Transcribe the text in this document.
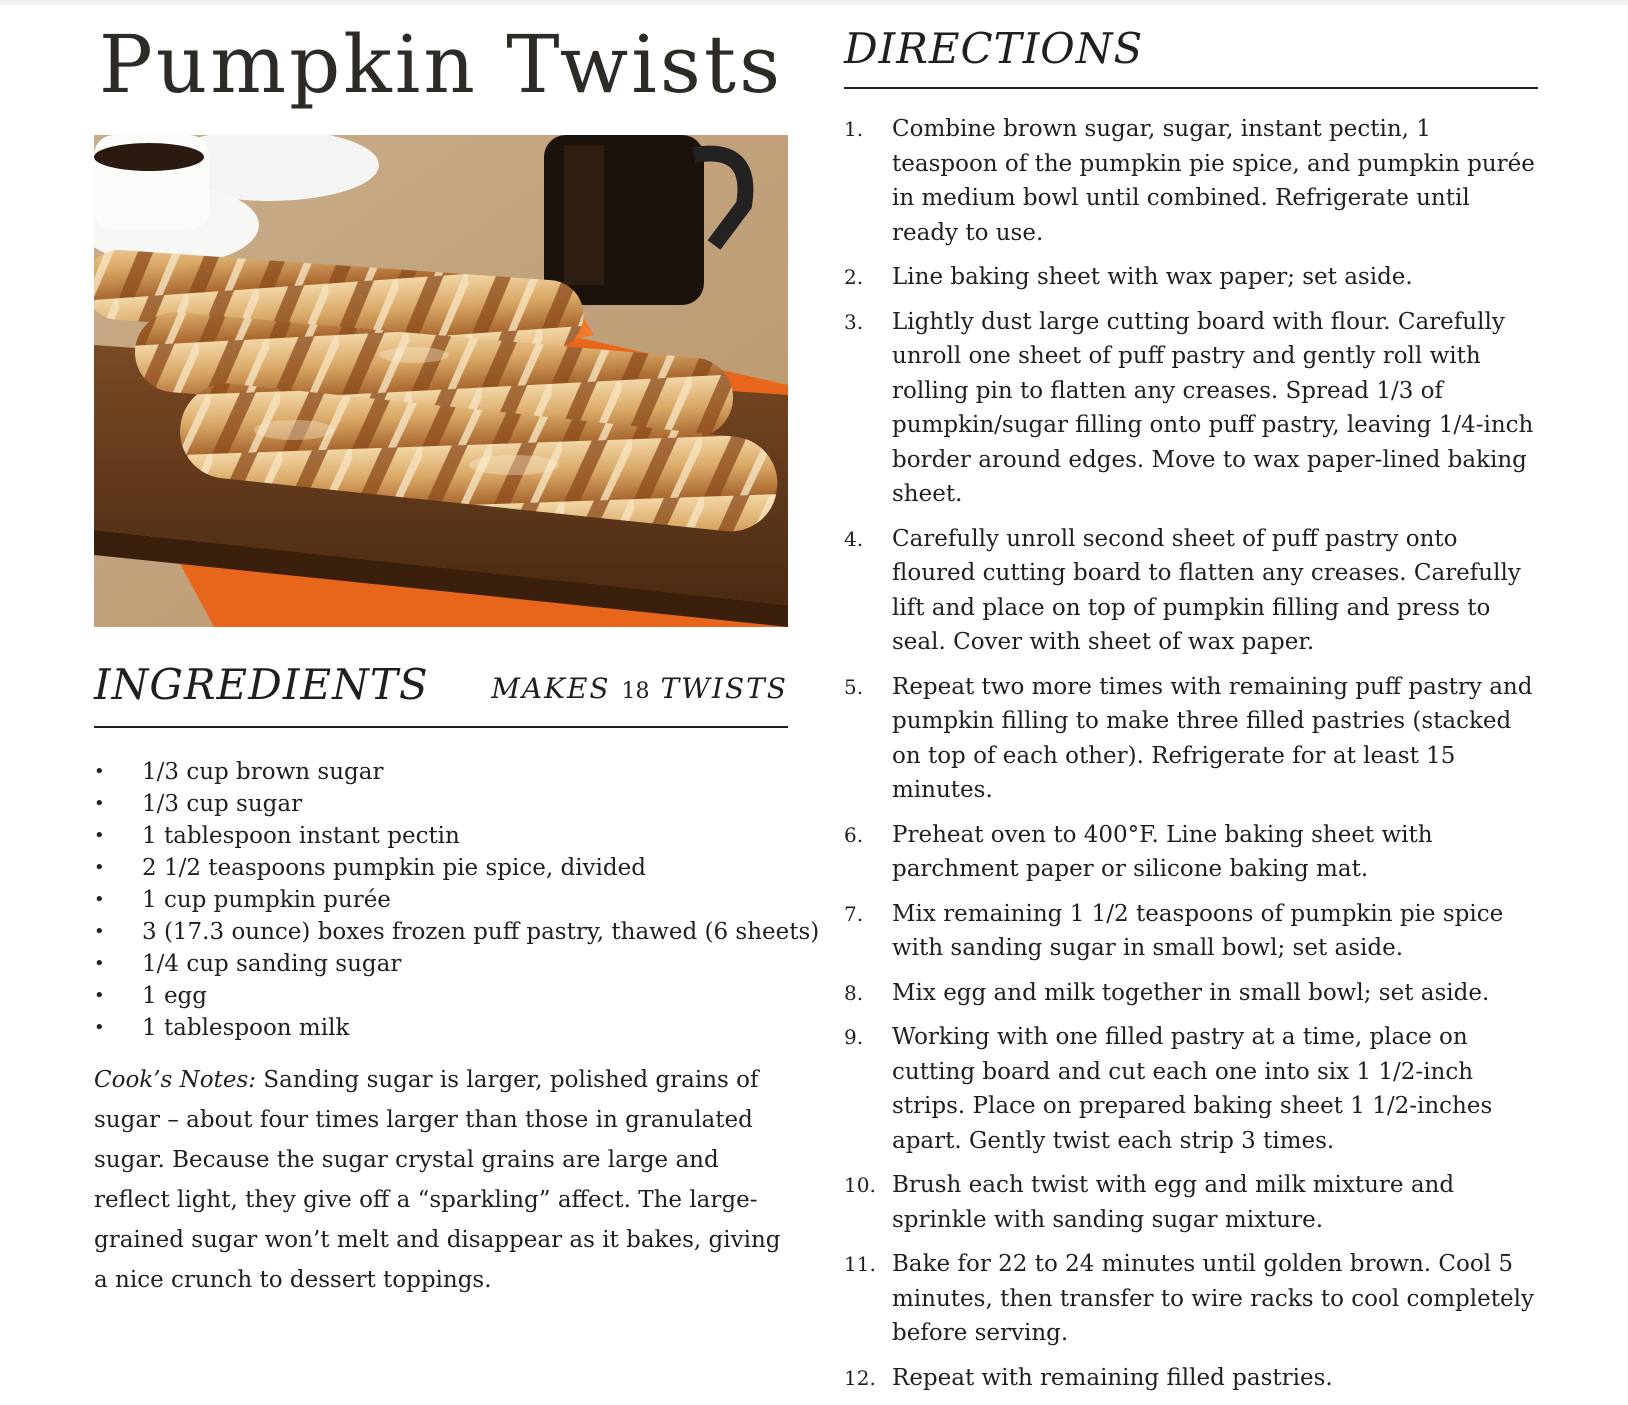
Pumpkin Twists
INGREDIENTS MAKES 18 TWISTS
• 1/3 cup brown sugar
• 1/3 cup sugar
• 1 tablespoon instant pectin
• 2 1/2 teaspoons pumpkin pie spice, divided
• 1 cup pumpkin purée
• 3 (17.3 ounce) boxes frozen puff pastry, thawed (6 sheets)
• 1/4 cup sanding sugar
• 1 egg
• 1 tablespoon milk
Cook’s Notes: Sanding sugar is larger, polished grains of sugar – about four times larger than those in granulated sugar. Because the sugar crystal grains are large and reflect light, they give off a “sparkling” affect. The large-grained sugar won’t melt and disappear as it bakes, giving a nice crunch to dessert toppings.
DIRECTIONS
1. Combine brown sugar, sugar, instant pectin, 1 teaspoon of the pumpkin pie spice, and pumpkin purée in medium bowl until combined. Refrigerate until ready to use.
2. Line baking sheet with wax paper; set aside.
3. Lightly dust large cutting board with flour. Carefully unroll one sheet of puff pastry and gently roll with rolling pin to flatten any creases. Spread 1/3 of pumpkin/sugar filling onto puff pastry, leaving 1/4-inch border around edges. Move to wax paper-lined baking sheet.
4. Carefully unroll second sheet of puff pastry onto floured cutting board to flatten any creases. Carefully lift and place on top of pumpkin filling and press to seal. Cover with sheet of wax paper.
5. Repeat two more times with remaining puff pastry and pumpkin filling to make three filled pastries (stacked on top of each other). Refrigerate for at least 15 minutes.
6. Preheat oven to 400°F. Line baking sheet with parchment paper or silicone baking mat.
7. Mix remaining 1 1/2 teaspoons of pumpkin pie spice with sanding sugar in small bowl; set aside.
8. Mix egg and milk together in small bowl; set aside.
9. Working with one filled pastry at a time, place on cutting board and cut each one into six 1 1/2-inch strips. Place on prepared baking sheet 1 1/2-inches apart. Gently twist each strip 3 times.
10. Brush each twist with egg and milk mixture and sprinkle with sanding sugar mixture.
11. Bake for 22 to 24 minutes until golden brown. Cool 5 minutes, then transfer to wire racks to cool completely before serving.
12. Repeat with remaining filled pastries.
